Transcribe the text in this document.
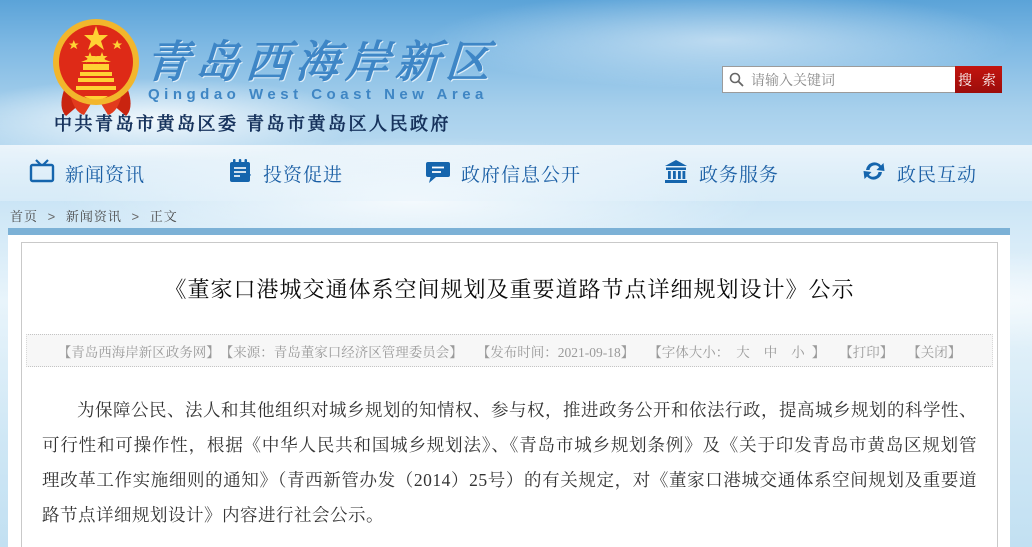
青岛西海岸新区
Qingdao West Coast New Area
中共青岛市黄岛区委 青岛市黄岛区人民政府
请输入关键词
搜 索
新闻资讯	投资促进	政府信息公开	政务服务	政民互动
首页 > 新闻资讯 > 正文
《董家口港城交通体系空间规划及重要道路节点详细规划设计》公示
【青岛西海岸新区政务网】 【来源：青岛董家口经济区管理委员会】 【发布时间：2021-09-18】 【字体大小： 大 中 小 】 【打印】 【关闭】
为保障公民、法人和其他组织对城乡规划的知情权、参与权，推进政务公开和依法行政，提高城乡规划的科学性、可行性和可操作性，根据《中华人民共和国城乡规划法》、《青岛市城乡规划条例》及《关于印发青岛市黄岛区规划管理改革工作实施细则的通知》（青西新管办发（2014）25号）的有关规定，对《董家口港城交通体系空间规划及重要道路节点详细规划设计》内容进行社会公示。
